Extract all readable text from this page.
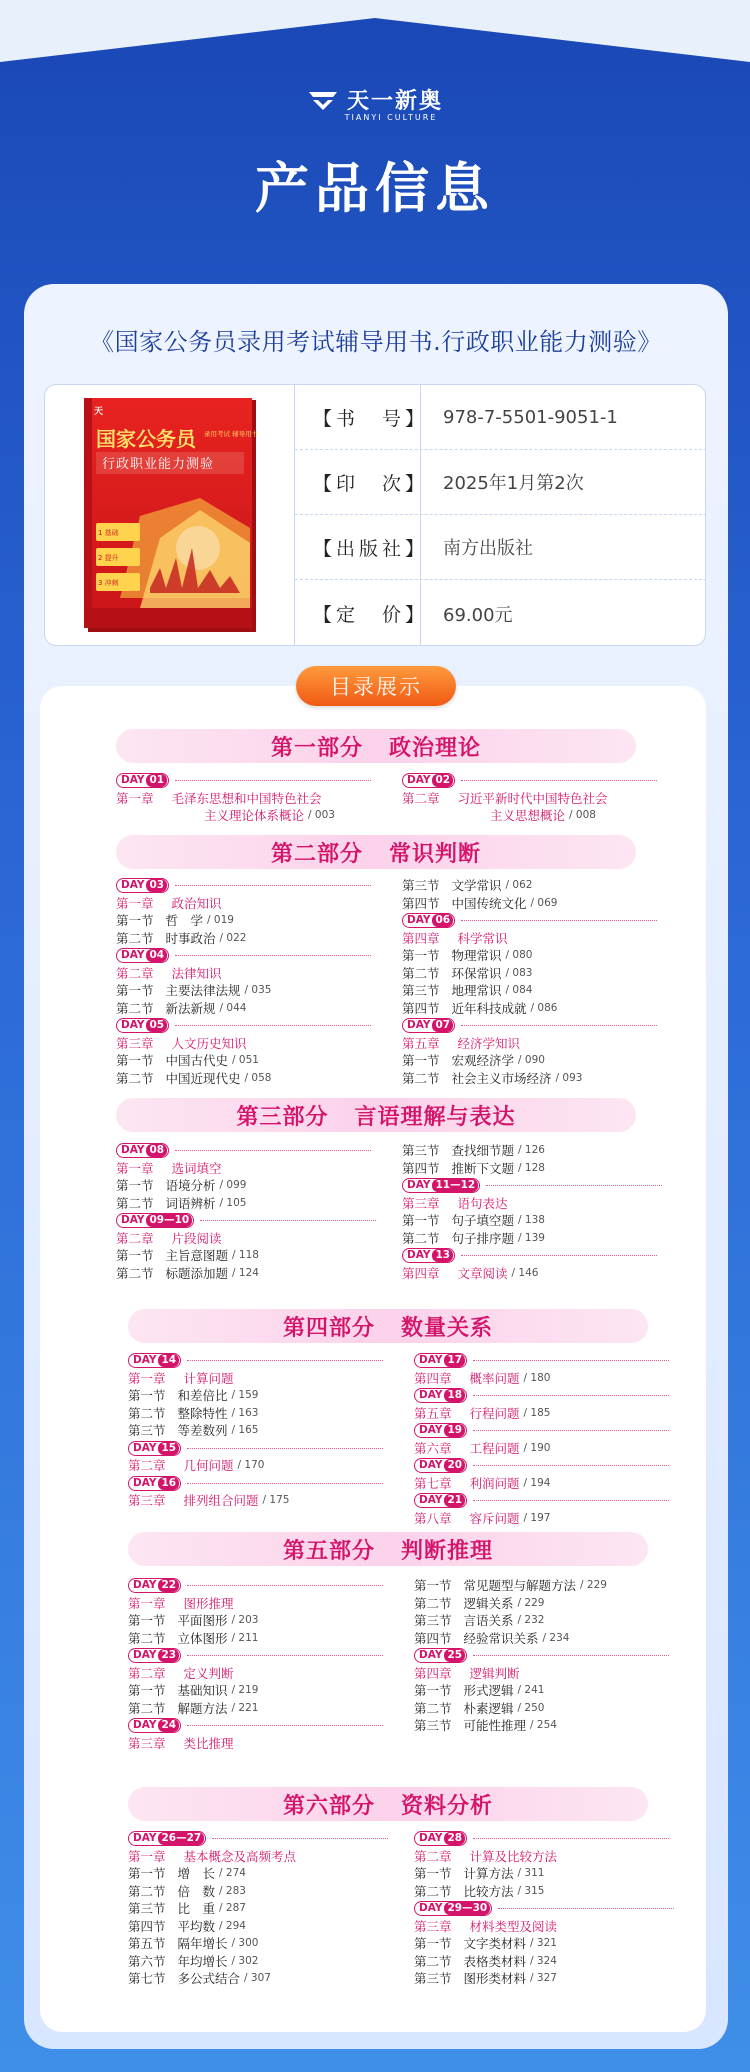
天一新奥
TIANYI CULTURE
产品信息
《国家公务员录用考试辅导用书.行政职业能力测验》
天
国家公务员	录用考试 辅导用书
行政职业能力测验
1 基础
2 提升
3 冲刺
【书　号】 978-7-5501-9051-1
【印　次】 2025年1月第2次
【出版社】 南方出版社
【定　价】 69.00元
目录展示
第一部分 政治理论
DAY 01
第一章 毛泽东思想和中国特色社会
主义理论体系概论 / 003
DAY 02
第二章 习近平新时代中国特色社会
主义思想概论 / 008
第二部分 常识判断
DAY 03
第一章 政治知识
第一节 哲　学 / 019
第二节 时事政治 / 022
DAY 04
第二章 法律知识
第一节 主要法律法规 / 035
第二节 新法新规 / 044
DAY 05
第三章 人文历史知识
第一节 中国古代史 / 051
第二节 中国近现代史 / 058
第三节 文学常识 / 062
第四节 中国传统文化 / 069
DAY 06
第四章 科学常识
第一节 物理常识 / 080
第二节 环保常识 / 083
第三节 地理常识 / 084
第四节 近年科技成就 / 086
DAY 07
第五章 经济学知识
第一节 宏观经济学 / 090
第二节 社会主义市场经济 / 093
第三部分 言语理解与表达
DAY 08
第一章 选词填空
第一节 语境分析 / 099
第二节 词语辨析 / 105
DAY 09—10
第二章 片段阅读
第一节 主旨意图题 / 118
第二节 标题添加题 / 124
第三节 查找细节题 / 126
第四节 推断下文题 / 128
DAY 11—12
第三章 语句表达
第一节 句子填空题 / 138
第二节 句子排序题 / 139
DAY 13
第四章 文章阅读 / 146
第四部分 数量关系
DAY 14
第一章 计算问题
第一节 和差倍比 / 159
第二节 整除特性 / 163
第三节 等差数列 / 165
DAY 15
第二章 几何问题 / 170
DAY 16
第三章 排列组合问题 / 175
DAY 17
第四章 概率问题 / 180
DAY 18
第五章 行程问题 / 185
DAY 19
第六章 工程问题 / 190
DAY 20
第七章 利润问题 / 194
DAY 21
第八章 容斥问题 / 197
第五部分 判断推理
DAY 22
第一章 图形推理
第一节 平面图形 / 203
第二节 立体图形 / 211
DAY 23
第二章 定义判断
第一节 基础知识 / 219
第二节 解题方法 / 221
DAY 24
第三章 类比推理
第一节 常见题型与解题方法 / 229
第二节 逻辑关系 / 229
第三节 言语关系 / 232
第四节 经验常识关系 / 234
DAY 25
第四章 逻辑判断
第一节 形式逻辑 / 241
第二节 朴素逻辑 / 250
第三节 可能性推理 / 254
第六部分 资料分析
DAY 26—27
第一章 基本概念及高频考点
第一节 增　长 / 274
第二节 倍　数 / 283
第三节 比　重 / 287
第四节 平均数 / 294
第五节 隔年增长 / 300
第六节 年均增长 / 302
第七节 多公式结合 / 307
DAY 28
第二章 计算及比较方法
第一节 计算方法 / 311
第二节 比较方法 / 315
DAY 29—30
第三章 材料类型及阅读
第一节 文字类材料 / 321
第二节 表格类材料 / 324
第三节 图形类材料 / 327
